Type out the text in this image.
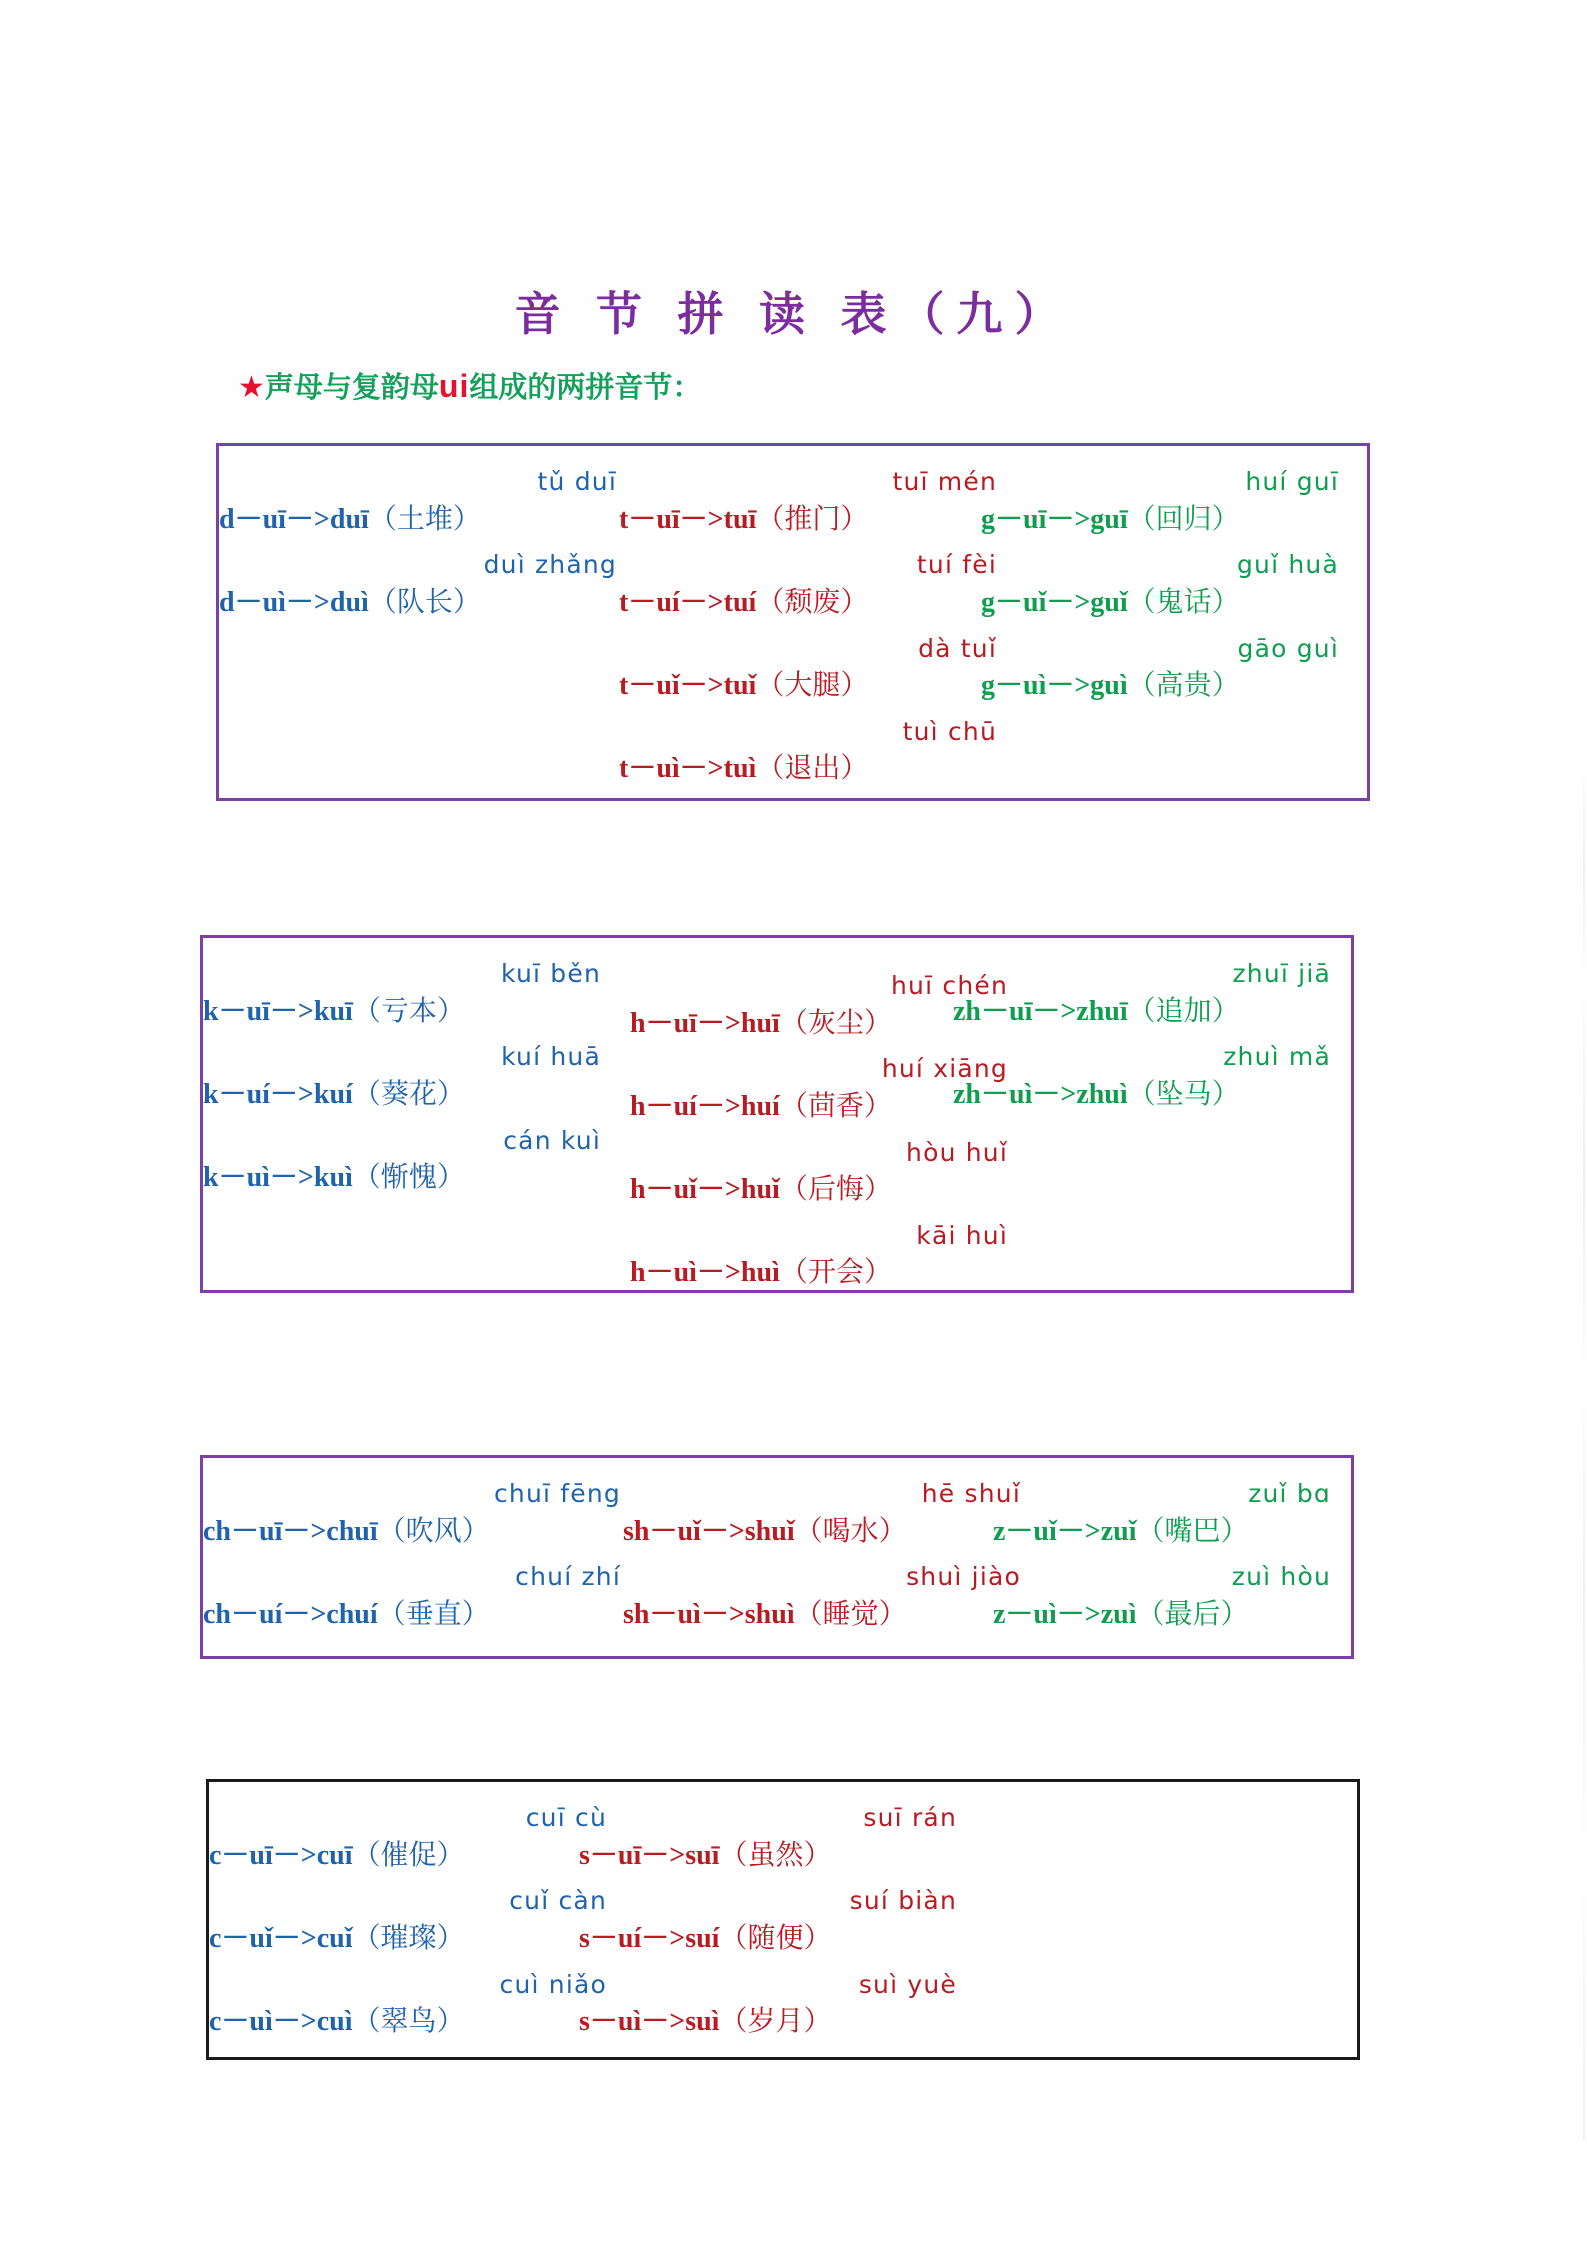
音 节 拼 读 表（九）
★声母与复韵母ui组成的两拼音节：
tǔ duī
d－uī－>duī（土堆）
duì zhǎng
d－uì－>duì（队长）
tuī mén
t－uī－>tuī（推门）
tuí fèi
t－uí－>tuí（颓废）
dà tuǐ
t－uǐ－>tuǐ（大腿）
tuì chū
t－uì－>tuì（退出）
huí guī
g－uī－>guī（回归）
guǐ huà
g－uǐ－>guǐ（鬼话）
gāo guì
g－uì－>guì（高贵）
kuī běn
k－uī－>kuī（亏本）
kuí huā
k－uí－>kuí（葵花）
cán kuì
k－uì－>kuì（惭愧）
huī chén
h－uī－>huī（灰尘）
huí xiāng
h－uí－>huí（茴香）
hòu huǐ
h－uǐ－>huǐ（后悔）
kāi huì
h－uì－>huì（开会）
zhuī jiā
zh－uī－>zhuī（追加）
zhuì mǎ
zh－uì－>zhuì（坠马）
chuī fēng
ch－uī－>chuī（吹风）
chuí zhí
ch－uí－>chuí（垂直）
hē shuǐ
sh－uǐ－>shuǐ（喝水）
shuì jiào
sh－uì－>shuì（睡觉）
zuǐ bɑ
z－uǐ－>zuǐ（嘴巴）
zuì hòu
z－uì－>zuì（最后）
cuī cù
c－uī－>cuī（催促）
cuǐ càn
c－uǐ－>cuǐ（璀璨）
cuì niǎo
c－uì－>cuì（翠鸟）
suī rán
s－uī－>suī（虽然）
suí biàn
s－uí－>suí（随便）
suì yuè
s－uì－>suì（岁月）
